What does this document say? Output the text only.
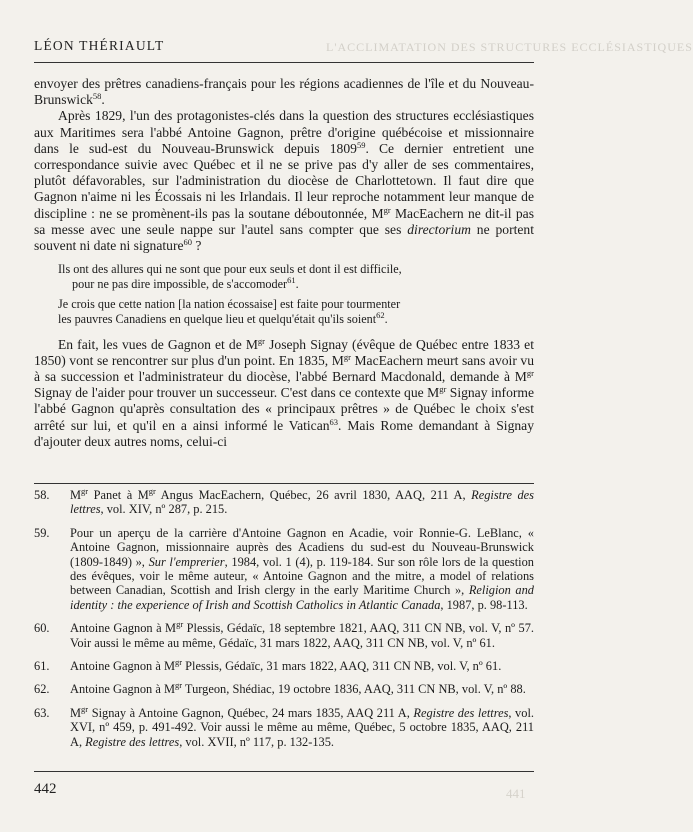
L'ACCLIMATATION DES STRUCTURES ECCLÉSIASTIQUES
LÉON THÉRIAULT

envoyer des prêtres canadiens-français pour les régions acadiennes de l'île et du Nouveau-Brunswick$^{58}$.

Après 1829, l'un des protagonistes-clés dans la question des structures ecclésiastiques aux Maritimes sera l'abbé Antoine Gagnon, prêtre d'origine québécoise et missionnaire dans le sud-est du Nouveau-Brunswick depuis 1809$^{59}$. Ce dernier entretient une correspondance suivie avec Québec et il ne se prive pas d'y aller de ses commentaires, plutôt défavorables, sur l'administration du diocèse de Charlottetown. Il faut dire que Gagnon n'aime ni les Écossais ni les Irlandais. Il leur reproche notamment leur manque de discipline : ne se promènent-ils pas la soutane déboutonnée, $M^{gr}$ MacEachern ne dit-il pas sa messe avec une seule nappe sur l'autel sans compter que ses directorium ne portent souvent ni date ni signature$^{60}$ ?

Ils ont des allures qui ne sont que pour eux seuls et dont il est difficile,
pour ne pas dire impossible, de s'accomoder$^{61}$.
Je crois que cette nation [la nation écossaise] est faite pour tourmenter
les pauvres Canadiens en quelque lieu et quelqu'était qu'ils soient$^{62}$.

En fait, les vues de Gagnon et de $M^{gr}$ Joseph Signay (évêque de Québec entre 1833 et 1850) vont se rencontrer sur plus d'un point. En 1835, $M^{gr}$ MacEachern meurt sans avoir vu à sa succession et l'administrateur du diocèse, l'abbé Bernard Macdonald, demande à $M^{gr}$ Signay de l'aider pour trouver un successeur. C'est dans ce contexte que $M^{gr}$ Signay informe l'abbé Gagnon qu'après consultation des « principaux prêtres » de Québec le choix s'est arrêté sur lui, et qu'il en a ainsi informé le Vatican$^{63}$. Mais Rome demandant à Signay d'ajouter deux autres noms, celui-ci

58.	$M^{gr}$ Panet à $M^{gr}$ Angus MacEachern, Québec, 26 avril 1830, AAQ, 211 A, Registre des lettres, vol. XIV, nº 287, p. 215.
59.	Pour un aperçu de la carrière d'Antoine Gagnon en Acadie, voir Ronnie-G. LeBlanc, « Antoine Gagnon, missionnaire auprès des Acadiens du sud-est du Nouveau-Brunswick (1809-1849) », Sur l'emprerier, 1984, vol. 1 (4), p. 119-184. Sur son rôle lors de la question des évêques, voir le même auteur, « Antoine Gagnon and the mitre, a model of relations between Canadian, Scottish and Irish clergy in the early Maritime Church », Religion and identity : the experience of Irish and Scottish Catholics in Atlantic Canada, 1987, p. 98-113.
60.	Antoine Gagnon à $M^{gr}$ Plessis, Gédaïc, 18 septembre 1821, AAQ, 311 CN NB, vol. V, nº 57. Voir aussi le même au même, Gédaïc, 31 mars 1822, AAQ, 311 CN NB, vol. V, nº 61.
61.	Antoine Gagnon à $M^{gr}$ Plessis, Gédaïc, 31 mars 1822, AAQ, 311 CN NB, vol. V, nº 61.
62.	Antoine Gagnon à $M^{gr}$ Turgeon, Shédiac, 19 octobre 1836, AAQ, 311 CN NB, vol. V, nº 88.
63.	$M^{gr}$ Signay à Antoine Gagnon, Québec, 24 mars 1835, AAQ 211 A, Registre des lettres, vol. XVI, nº 459, p. 491-492. Voir aussi le même au même, Québec, 5 octobre 1835, AAQ, 211 A, Registre des lettres, vol. XVII, nº 117, p. 132-135.
442	441
